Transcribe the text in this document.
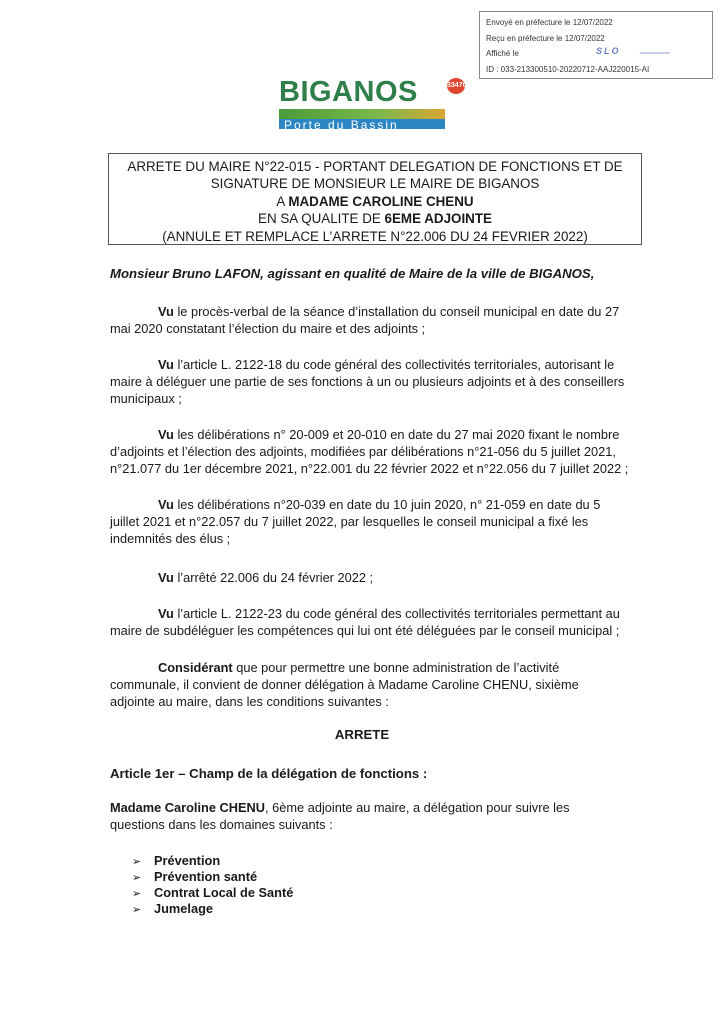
Envoyé en préfecture le 12/07/2022
Reçu en préfecture le 12/07/2022
Affiché le	SLO
ID : 033-213300510-20220712-AAJ220015-AI
BIGANOS	33470
Porte du Bassin
ARRETE DU MAIRE N°22-015 - PORTANT DELEGATION DE FONCTIONS ET DE
SIGNATURE DE MONSIEUR LE MAIRE DE BIGANOS
A MADAME CAROLINE CHENU
EN SA QUALITE DE 6EME ADJOINTE
(ANNULE ET REMPLACE L’ARRETE N°22.006 DU 24 FEVRIER 2022)
Monsieur Bruno LAFON, agissant en qualité de Maire de la ville de BIGANOS,
Vu le procès-verbal de la séance d’installation du conseil municipal en date du 27
mai 2020 constatant l’élection du maire et des adjoints ;
Vu l’article L. 2122-18 du code général des collectivités territoriales, autorisant le
maire à déléguer une partie de ses fonctions à un ou plusieurs adjoints et à des conseillers
municipaux ;
Vu les délibérations n° 20-009 et 20-010 en date du 27 mai 2020 fixant le nombre
d’adjoints et l’élection des adjoints, modifiées par délibérations n°21-056 du 5 juillet 2021,
n°21.077 du 1er décembre 2021, n°22.001 du 22 février 2022 et n°22.056 du 7 juillet 2022 ;
Vu les délibérations n°20-039 en date du 10 juin 2020, n° 21-059 en date du 5
juillet 2021 et n°22.057 du 7 juillet 2022, par lesquelles le conseil municipal a fixé les
indemnités des élus ;
Vu l’arrêté 22.006 du 24 février 2022 ;
Vu l’article L. 2122-23 du code général des collectivités territoriales permettant au
maire de subdéléguer les compétences qui lui ont été déléguées par le conseil municipal ;
Considérant que pour permettre une bonne administration de l’activité
communale, il convient de donner délégation à Madame Caroline CHENU, sixième
adjointe au maire, dans les conditions suivantes :
ARRETE
Article 1er – Champ de la délégation de fonctions :
Madame Caroline CHENU, 6ème adjointe au maire, a délégation pour suivre les
questions dans les domaines suivants :
➢ Prévention
➢ Prévention santé
➢ Contrat Local de Santé
➢ Jumelage
